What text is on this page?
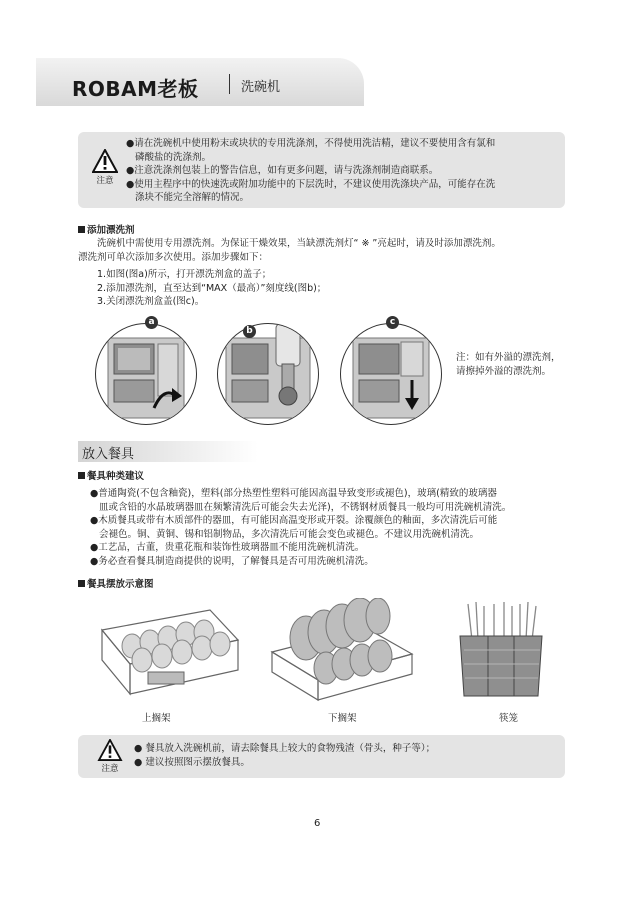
ROBAM老板	洗碗机
注意
●请在洗碗机中使用粉末或块状的专用洗涤剂，不得使用洗洁精，建议不要使用含有氯和
磷酸盐的洗涤剂。
●注意洗涤剂包装上的警告信息，如有更多问题，请与洗涤剂制造商联系。
●使用主程序中的快速洗或附加功能中的下层洗时，不建议使用洗涤块产品，可能存在洗
涤块不能完全溶解的情况。
添加漂洗剂
洗碗机中需使用专用漂洗剂。为保证干燥效果，当缺漂洗剂灯“ ※ ”亮起时，请及时添加漂洗剂。
漂洗剂可单次添加多次使用。添加步骤如下：
1.如图(图a)所示，打开漂洗剂盒的盖子；
2.添加漂洗剂，直至达到“MAX（最高）”刻度线(图b)；
3.关闭漂洗剂盒盖(图c)。
a
b
c
注：如有外溢的漂洗剂，
请擦掉外溢的漂洗剂。
放入餐具
餐具种类建议
●普通陶瓷(不包含釉瓷)，塑料(部分热塑性塑料可能因高温导致变形或褪色)，玻璃(精致的玻璃器
皿或含铅的水晶玻璃器皿在频繁清洗后可能会失去光泽)，不锈钢材质餐具一般均可用洗碗机清洗。
●木质餐具或带有木质部件的器皿，有可能因高温变形或开裂。涂覆颜色的釉面，多次清洗后可能
会褪色。铜、黄铜、锡和铝制物品，多次清洗后可能会变色或褪色。不建议用洗碗机清洗。
●工艺品，古董，贵重花瓶和装饰性玻璃器皿不能用洗碗机清洗。
●务必查看餐具制造商提供的说明，了解餐具是否可用洗碗机清洗。
餐具摆放示意图
上搁架	下搁架	筷笼
注意
● 餐具放入洗碗机前，请去除餐具上较大的食物残渣（骨头，种子等）；
● 建议按照图示摆放餐具。
6
